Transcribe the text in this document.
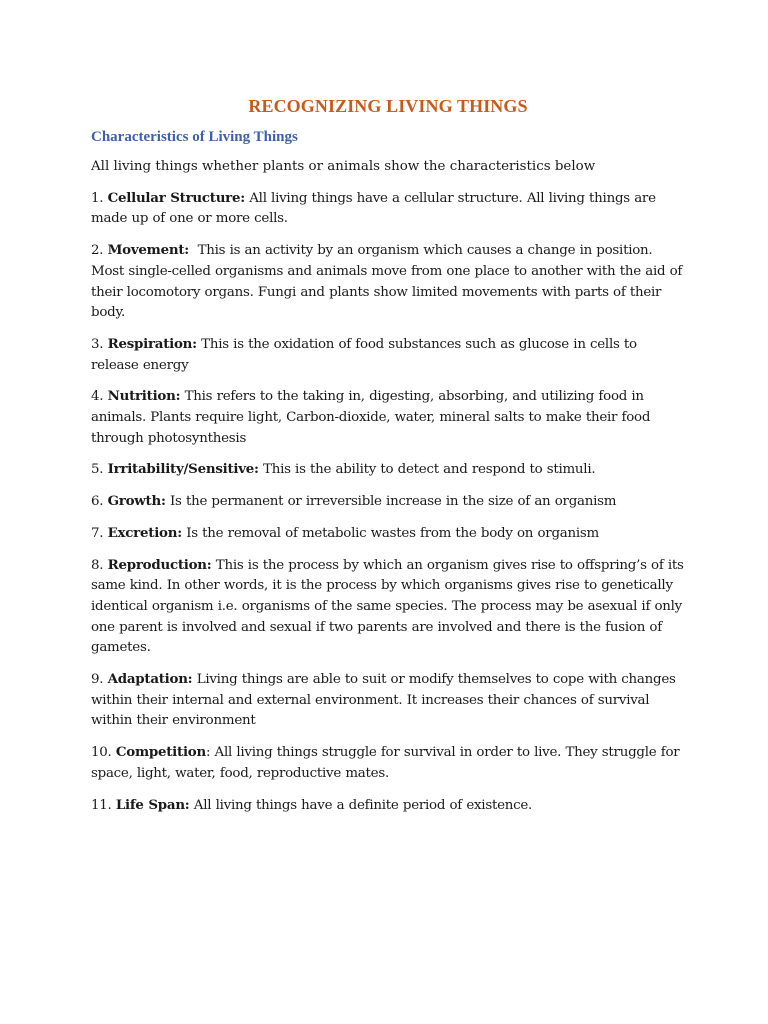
RECOGNIZING LIVING THINGS
Characteristics of Living Things

All living things whether plants or animals show the characteristics below

1. Cellular Structure: All living things have a cellular structure. All living things are made up of one or more cells.

2. Movement:  This is an activity by an organism which causes a change in position. Most single-celled organisms and animals move from one place to another with the aid of their locomotory organs. Fungi and plants show limited movements with parts of their body.

3. Respiration: This is the oxidation of food substances such as glucose in cells to release energy

4. Nutrition: This refers to the taking in, digesting, absorbing, and utilizing food in animals. Plants require light, Carbon-dioxide, water, mineral salts to make their food through photosynthesis

5. Irritability/Sensitive: This is the ability to detect and respond to stimuli.

6. Growth: Is the permanent or irreversible increase in the size of an organism

7. Excretion: Is the removal of metabolic wastes from the body on organism

8. Reproduction: This is the process by which an organism gives rise to offspring’s of its same kind. In other words, it is the process by which organisms gives rise to genetically identical organism i.e. organisms of the same species. The process may be asexual if only one parent is involved and sexual if two parents are involved and there is the fusion of gametes.

9. Adaptation: Living things are able to suit or modify themselves to cope with changes within their internal and external environment. It increases their chances of survival within their environment

10. Competition: All living things struggle for survival in order to live. They struggle for space, light, water, food, reproductive mates.

11. Life Span: All living things have a definite period of existence.
